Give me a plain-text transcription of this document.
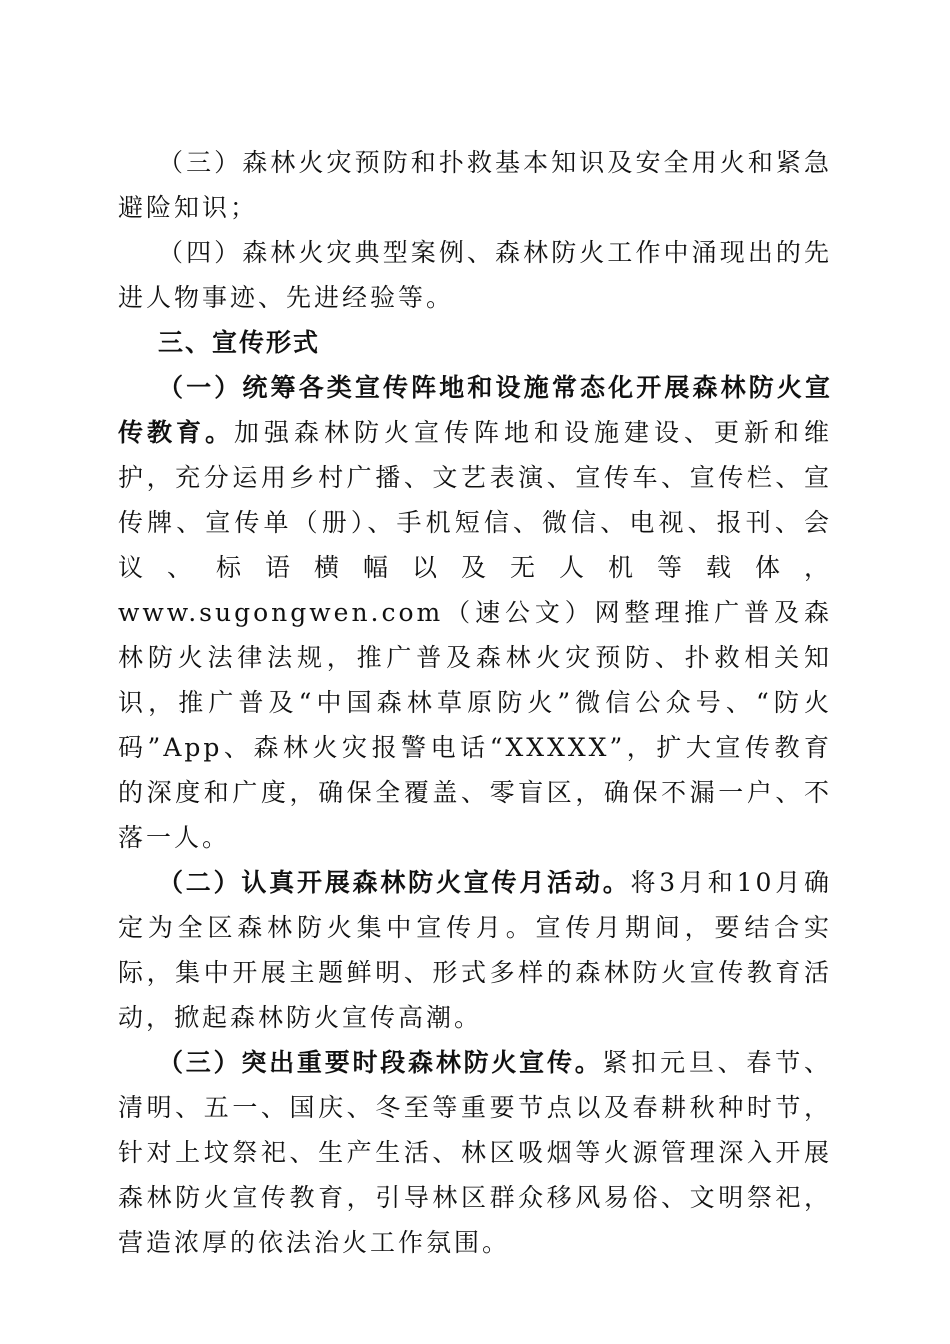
（三）森林火灾预防和扑救基本知识及安全用火和紧急避险知识；

（四）森林火灾典型案例、森林防火工作中涌现出的先进人物事迹、先进经验等。

三、宣传形式

（一）统筹各类宣传阵地和设施常态化开展森林防火宣传教育。加强森林防火宣传阵地和设施建设、更新和维护，充分运用乡村广播、文艺表演、宣传车、宣传栏、宣传牌、宣传单（册）、手机短信、微信、电视、报刊、会议、标语横幅以及无人机等载体，www.sugongwen.com（速公文）网整理推广普及森林防火法律法规，推广普及森林火灾预防、扑救相关知识，推广普及“中国森林草原防火”微信公众号、“防火码”App、森林火灾报警电话“XXXXX”，扩大宣传教育的深度和广度，确保全覆盖、零盲区，确保不漏一户、不落一人。

（二）认真开展森林防火宣传月活动。将3月和10月确定为全区森林防火集中宣传月。宣传月期间，要结合实际，集中开展主题鲜明、形式多样的森林防火宣传教育活动，掀起森林防火宣传高潮。

（三）突出重要时段森林防火宣传。紧扣元旦、春节、清明、五一、国庆、冬至等重要节点以及春耕秋种时节，针对上坟祭祀、生产生活、林区吸烟等火源管理深入开展森林防火宣传教育，引导林区群众移风易俗、文明祭祀，营造浓厚的依法治火工作氛围。
